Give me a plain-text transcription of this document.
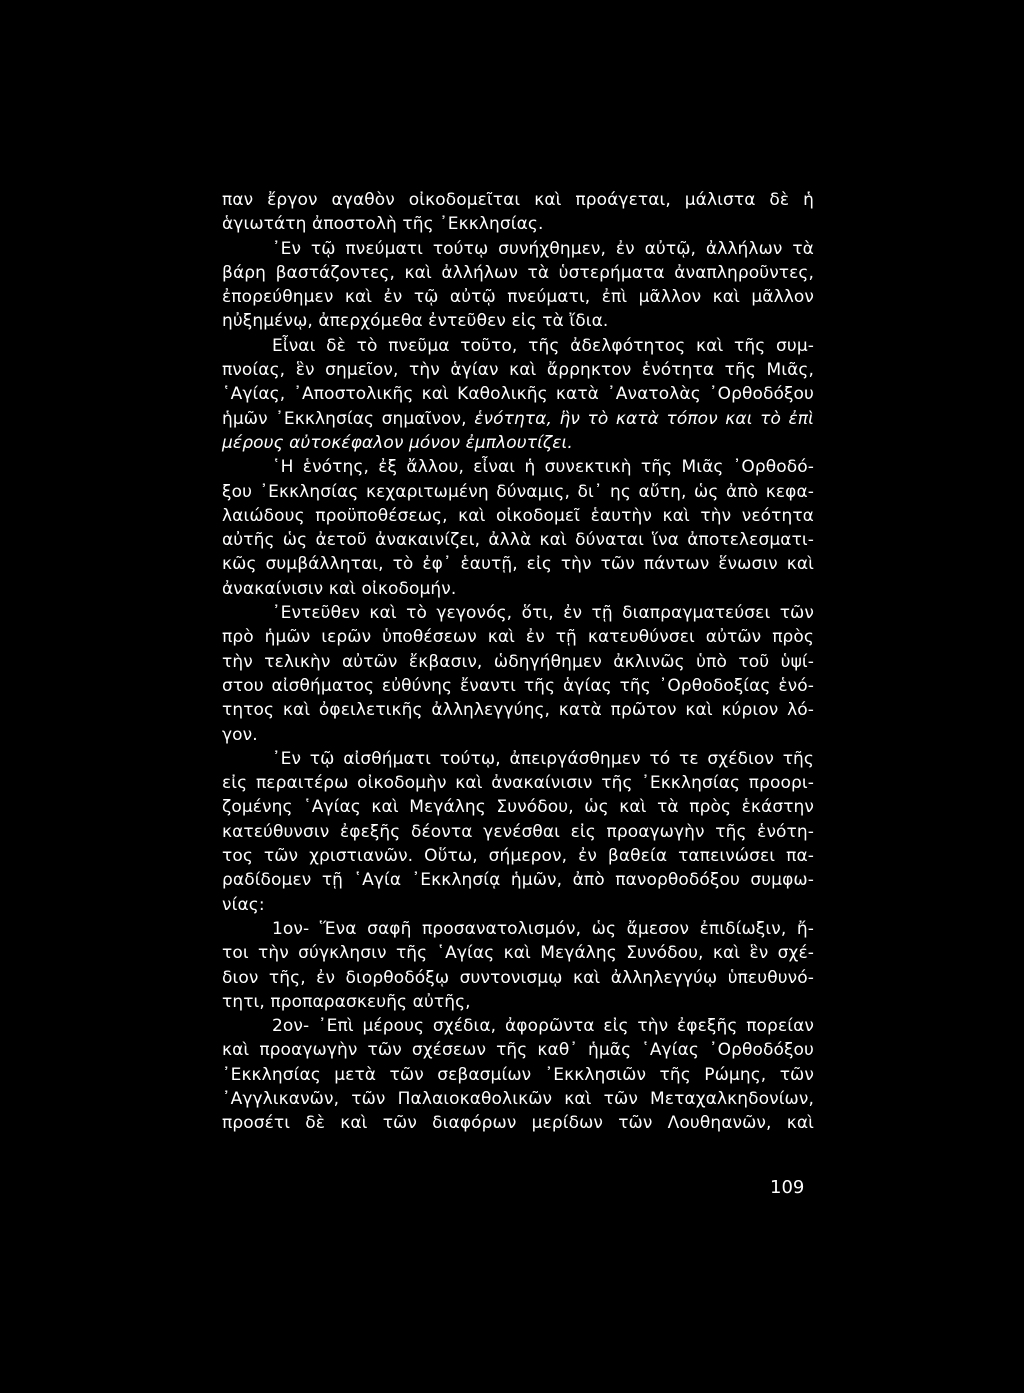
παν ἔργον αγαθὸν οἰκοδομεῖται καὶ προάγεται, μάλιστα δὲ ἡ
ἁγιωτάτη ἀποστολὴ τῆς ᾿Εκκλησίας.
᾿Εν τῷ πνεύματι τούτῳ συνήχθημεν, ἐν αὐτῷ, ἀλλήλων τὰ
βάρη βαστάζοντες, καὶ ἀλλήλων τὰ ὑστερήματα ἀναπληροῦντες,
ἐπορεύθημεν καὶ ἐν τῷ αὐτῷ πνεύματι, ἐπὶ μᾶλλον καὶ μᾶλλον
ηὐξημένῳ, ἀπερχόμεθα ἐντεῦθεν εἰς τὰ ἴδια.
Εἶναι δὲ τὸ πνεῦμα τοῦτο, τῆς ἀδελφότητος καὶ τῆς συμ-
πνοίας, ἓν σημεῖον, τὴν ἁγίαν καὶ ἄρρηκτον ἑνότητα τῆς Μιᾶς,
῾Αγίας, ᾿Αποστολικῆς καὶ Καθολικῆς κατὰ ᾿Ανατολὰς ᾿Ορθοδόξου
ἡμῶν ᾿Εκκλησίας σημαῖνον, ἑνότητα, ἣν τὸ κατὰ τόπον και τὸ ἐπὶ
μέρους αὐτοκέφαλον μόνον ἐμπλουτίζει.
῾Η ἑνότης, ἐξ ἄλλου, εἶναι ἡ συνεκτικὴ τῆς Μιᾶς ᾿Ορθοδό-
ξου ᾿Εκκλησίας κεχαριτωμένη δύναμις, δι᾿ ης αὔτη, ὡς ἀπὸ κεφα-
λαιώδους προϋποθέσεως, καὶ οἰκοδομεῖ ἑαυτὴν καὶ τὴν νεότητα
αὐτῆς ὡς ἀετοῦ ἀνακαινίζει, ἀλλὰ καὶ δύναται ἵνα ἀποτελεσματι-
κῶς συμβάλληται, τὸ ἐφ᾿ ἑαυτῇ, εἰς τὴν τῶν πάντων ἕνωσιν καὶ
ἀνακαίνισιν καὶ οἰκοδομήν.
᾿Εντεῦθεν καὶ τὸ γεγονός, ὅτι, ἐν τῇ διαπραγματεύσει τῶν
πρὸ ἡμῶν ιερῶν ὑποθέσεων καὶ ἐν τῇ κατευθύνσει αὐτῶν πρὸς
τὴν τελικὴν αὐτῶν ἔκβασιν, ὡδηγήθημεν ἀκλινῶς ὑπὸ τοῦ ὑψί-
στου αἰσθήματος εὐθύνης ἔναντι τῆς ἁγίας τῆς ᾿Ορθοδοξίας ἑνό-
τητος καὶ ὀφειλετικῆς ἀλληλεγγύης, κατὰ πρῶτον καὶ κύριον λό-
γον.
᾿Εν τῷ αἰσθήματι τούτῳ, ἀπειργάσθημεν τό τε σχέδιον τῆς
εἰς περαιτέρω οἰκοδομὴν καὶ ἀνακαίνισιν τῆς ᾿Εκκλησίας προορι-
ζομένης ῾Αγίας καὶ Μεγάλης Συνόδου, ὡς καὶ τὰ πρὸς ἑκάστην
κατεύθυνσιν ἐφεξῆς δέοντα γενέσθαι εἰς προαγωγὴν τῆς ἑνότη-
τος τῶν χριστιανῶν. Οὕτω, σήμερον, ἐν βαθεία ταπεινώσει πα-
ραδίδομεν τῇ ῾Αγία ᾿Εκκλησίᾳ ἡμῶν, ἀπὸ πανορθοδόξου συμφω-
νίας:
1ον- Ἕνα σαφῆ προσανατολισμόν, ὡς ἄμεσον ἐπιδίωξιν, ἤ-
τοι τὴν σύγκλησιν τῆς ῾Αγίας καὶ Μεγάλης Συνόδου, καὶ ἓν σχέ-
διον τῆς, ἐν διορθοδόξῳ συντονισμῳ καὶ ἀλληλεγγύῳ ὑπευθυνό-
τητι, προπαρασκευῆς αὐτῆς,
2ον- ᾿Επὶ μέρους σχέδια, ἀφορῶντα εἰς τὴν ἐφεξῆς πορείαν
καὶ προαγωγὴν τῶν σχέσεων τῆς καθ᾿ ἡμᾶς ῾Αγίας ᾿Ορθοδόξου
᾿Εκκλησίας μετὰ τῶν σεβασμίων ᾿Εκκλησιῶν τῆς Ρώμης, τῶν
᾿Αγγλικανῶν, τῶν Παλαιοκαθολικῶν καὶ τῶν Μεταχαλκηδονίων,
προσέτι δὲ καὶ τῶν διαφόρων μερίδων τῶν Λουθηανῶν, καὶ
109
